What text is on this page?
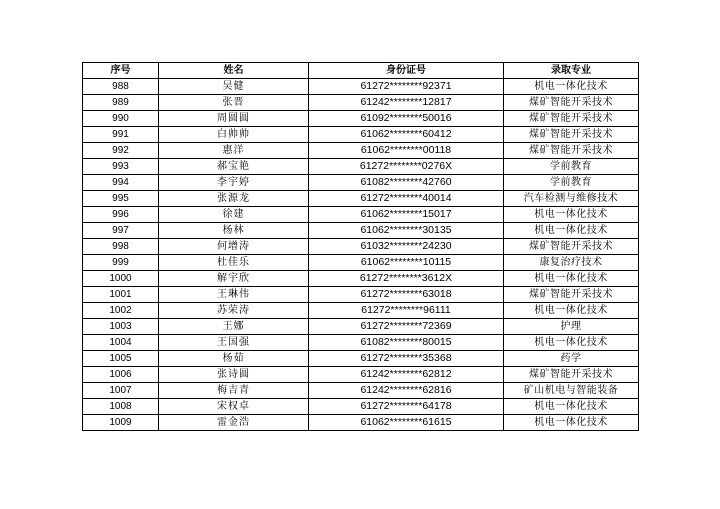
序号	姓名	身份证号	录取专业
988	吴健	61272********92371	机电一体化技术
989	张晋	61242********12817	煤矿智能开采技术
990	周圆圆	61092********50016	煤矿智能开采技术
991	白帅帅	61062********60412	煤矿智能开采技术
992	惠洋	61062********00118	煤矿智能开采技术
993	郝宝艳	61272********0276X	学前教育
994	李宇婷	61082********42760	学前教育
995	张源龙	61272********40014	汽车检测与维修技术
996	徐建	61062********15017	机电一体化技术
997	杨林	61062********30135	机电一体化技术
998	何增涛	61032********24230	煤矿智能开采技术
999	杜佳乐	61062********10115	康复治疗技术
1000	解宇欣	61272********3612X	机电一体化技术
1001	王琳伟	61272********63018	煤矿智能开采技术
1002	苏荣涛	61272********96111	机电一体化技术
1003	王娜	61272********72369	护理
1004	王国强	61082********80015	机电一体化技术
1005	杨茹	61272********35368	药学
1006	张诗圆	61242********62812	煤矿智能开采技术
1007	梅吉青	61242********62816	矿山机电与智能装备
1008	宋权卓	61272********64178	机电一体化技术
1009	雷金浩	61062********61615	机电一体化技术
